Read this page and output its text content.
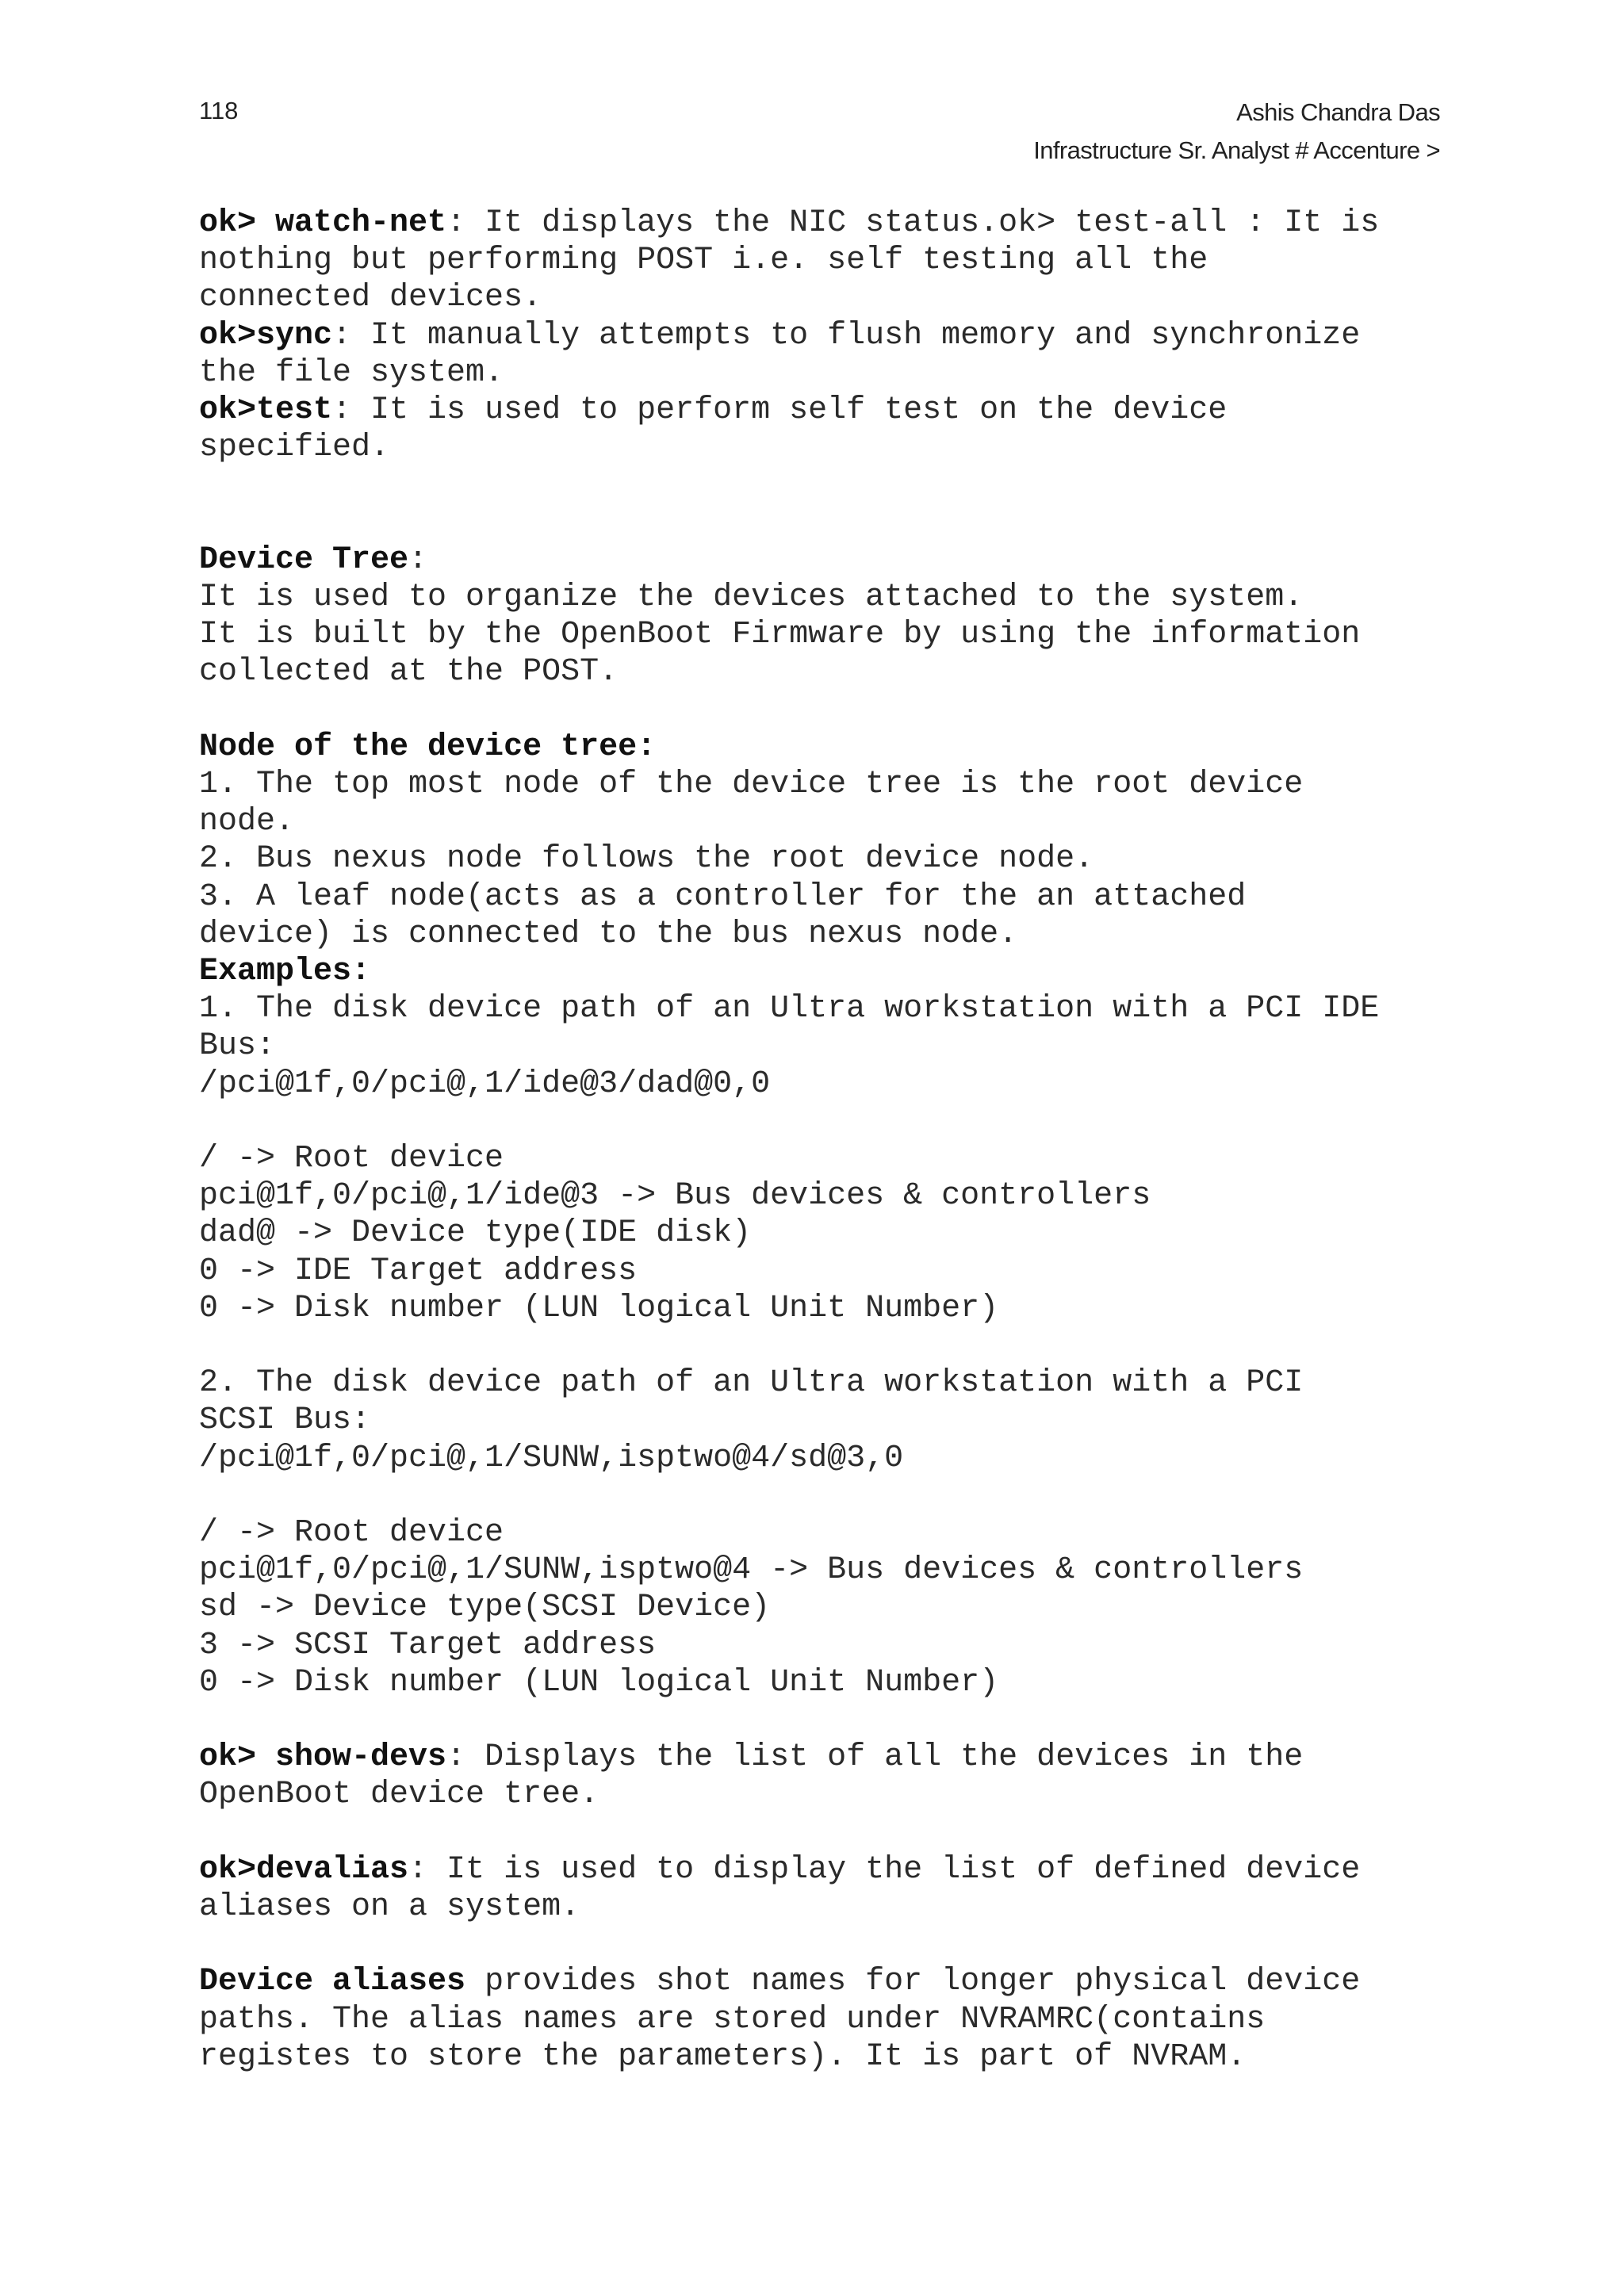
118	Ashis Chandra Das
Infrastructure Sr. Analyst # Accenture >
ok> watch-net: It displays the NIC status.ok> test-all : It is
nothing but performing POST i.e. self testing all the
connected devices.
ok>sync: It manually attempts to flush memory and synchronize
the file system.
ok>test: It is used to perform self test on the device
specified.
Device Tree:
It is used to organize the devices attached to the system.
It is built by the OpenBoot Firmware by using the information
collected at the POST.
Node of the device tree:
1. The top most node of the device tree is the root device
node.
2. Bus nexus node follows the root device node.
3. A leaf node(acts as a controller for the an attached
device) is connected to the bus nexus node.
Examples:
1. The disk device path of an Ultra workstation with a PCI IDE
Bus:
/pci@1f,0/pci@,1/ide@3/dad@0,0
/ -> Root device
pci@1f,0/pci@,1/ide@3 -> Bus devices & controllers
dad@ -> Device type(IDE disk)
0 -> IDE Target address
0 -> Disk number (LUN logical Unit Number)
2. The disk device path of an Ultra workstation with a PCI
SCSI Bus:
/pci@1f,0/pci@,1/SUNW,isptwo@4/sd@3,0
/ -> Root device
pci@1f,0/pci@,1/SUNW,isptwo@4 -> Bus devices & controllers
sd -> Device type(SCSI Device)
3 -> SCSI Target address
0 -> Disk number (LUN logical Unit Number)
ok> show-devs: Displays the list of all the devices in the
OpenBoot device tree.
ok>devalias: It is used to display the list of defined device
aliases on a system.
Device aliases provides shot names for longer physical device
paths. The alias names are stored under NVRAMRC(contains
registes to store the parameters). It is part of NVRAM.
